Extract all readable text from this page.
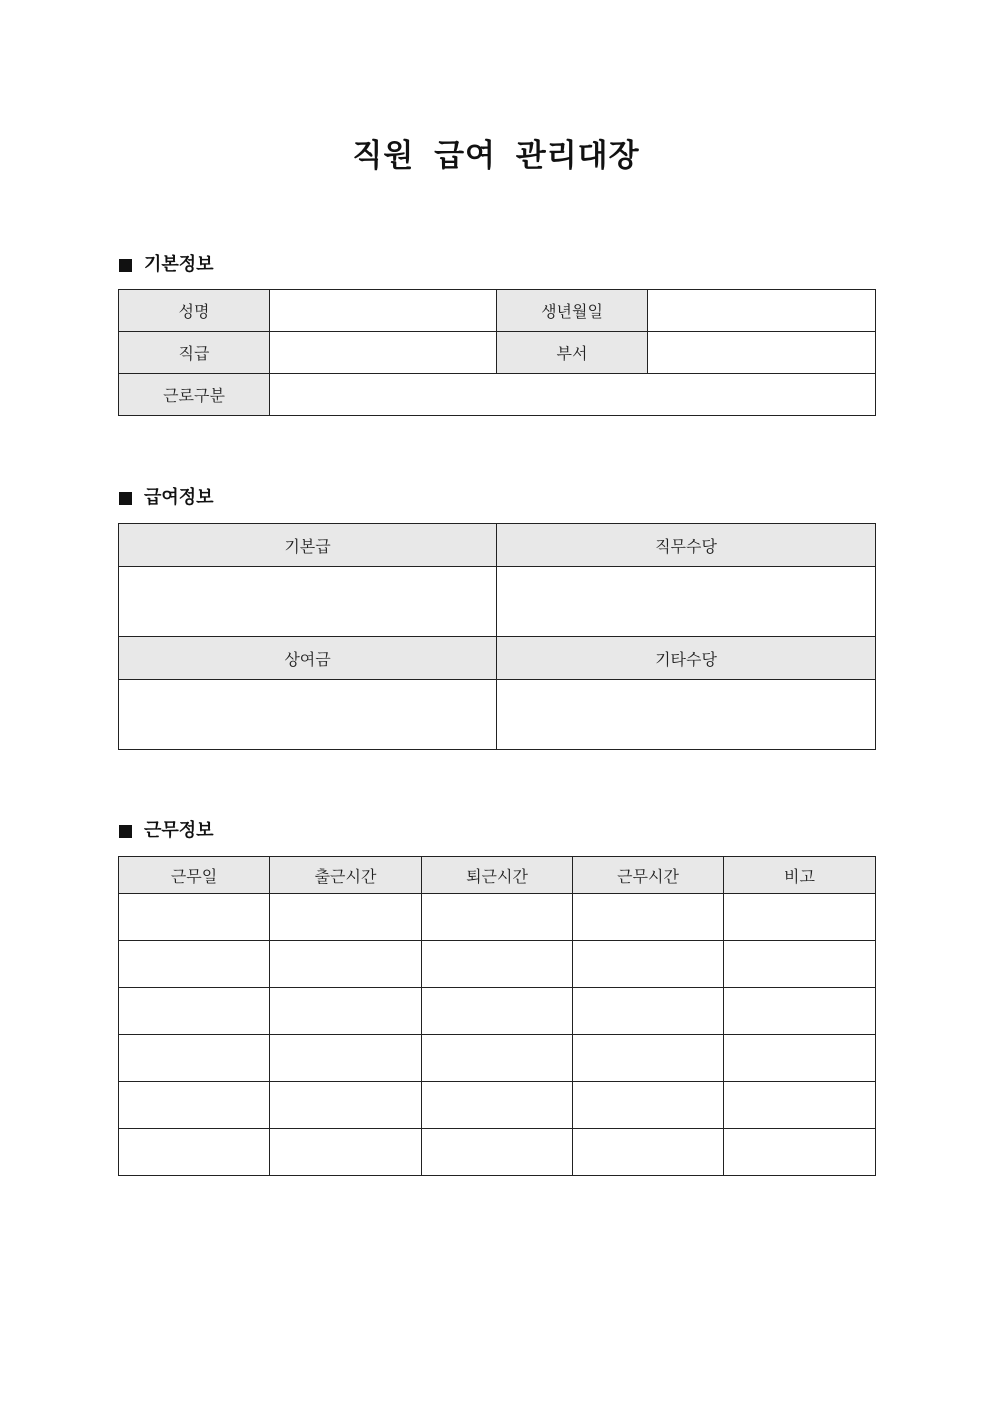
직원 급여 관리대장
기본정보
성명		생년월일	
직급		부서	
근로구분			
급여정보
기본급	직무수당

상여금	기타수당

근무정보
근무일	출근시간	퇴근시간	근무시간	비고
